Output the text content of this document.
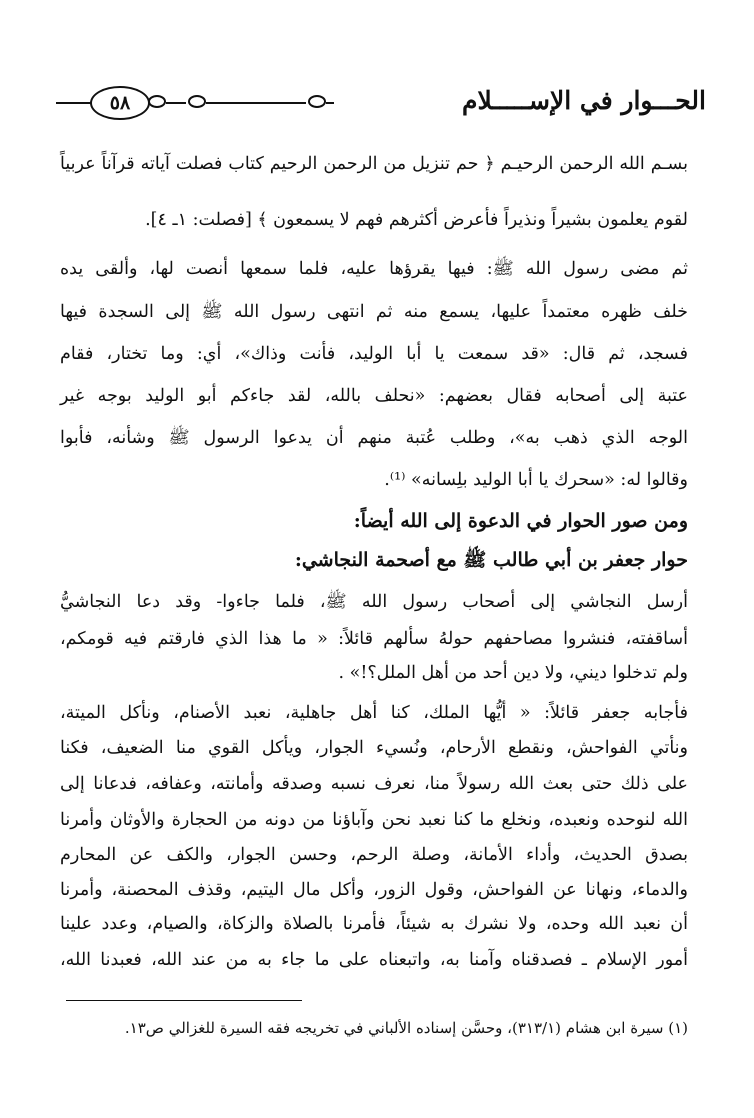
الحـــوار في الإســـــلام
٥٨
بسـم الله الرحمن الرحيـم ﴿ حم تنزيل من الرحمن الرحيم كتاب فصلت آياته قرآناً عربياً
لقوم يعلمون بشيراً ونذيراً فأعرض أكثرهم فهم لا يسمعون ﴾ [فصلت: ١ـ ٤].
ثم مضى رسول الله ﷺ: فيها يقرؤها عليه، فلما سمعها أنصت لها، وألقى يده
خلف ظهره معتمداً عليها، يسمع منه ثم انتهى رسول الله ﷺ إلى السجدة فيها
فسجد، ثم قال: «قد سمعت يا أبا الوليد، فأنت وذاك»، أي: وما تختار، فقام
عتبة إلى أصحابه فقال بعضهم: «نحلف بالله، لقد جاءكم أبو الوليد بوجه غير
الوجه الذي ذهب به»، وطلب عُتبة منهم أن يدعوا الرسول ﷺ وشأنه، فأبوا
وقالوا له: «سحرك يا أبا الوليد بلِسانه» ⁽¹⁾.
ومن صور الحوار في الدعوة إلى الله أيضاً:
حوار جعفر بن أبي طالب ﷺ مع أصحمة النجاشي:
أرسل النجاشي إلى أصحاب رسول الله ﷺ، فلما جاءوا- وقد دعا النجاشيُّ
أساقفته، فنشروا مصاحفهم حولهُ سألهم قائلاً: « ما هذا الذي فارقتم فيه قومكم،
ولم تدخلوا ديني، ولا دين أحد من أهل الملل؟!» .
فأجابه جعفر قائلاً: « أيُّها الملك، كنا أهل جاهلية، نعبد الأصنام، ونأكل الميتة،
ونأتي الفواحش، ونقطع الأرحام، ونُسيء الجوار، ويأكل القوي منا الضعيف، فكنا
على ذلك حتى بعث الله رسولاً منا، نعرف نسبه وصدقه وأمانته، وعفافه، فدعانا إلى
الله لنوحده ونعبده، ونخلع ما كنا نعبد نحن وآباؤنا من دونه من الحجارة والأوثان وأمرنا
بصدق الحديث، وأداء الأمانة، وصلة الرحم، وحسن الجوار، والكف عن المحارم
والدماء، ونهانا عن الفواحش، وقول الزور، وأكل مال اليتيم، وقذف المحصنة، وأمرنا
أن نعبد الله وحده، ولا نشرك به شيئاً، فأمرنا بالصلاة والزكاة، والصيام، وعدد علينا
أمور الإسلام ـ فصدقناه وآمنا به، واتبعناه على ما جاء به من عند الله، فعبدنا الله،
(١) سيرة ابن هشام (٣١٣/١)، وحسَّن إسناده الألباني في تخريجه فقه السيرة للغزالي ص١٣.
